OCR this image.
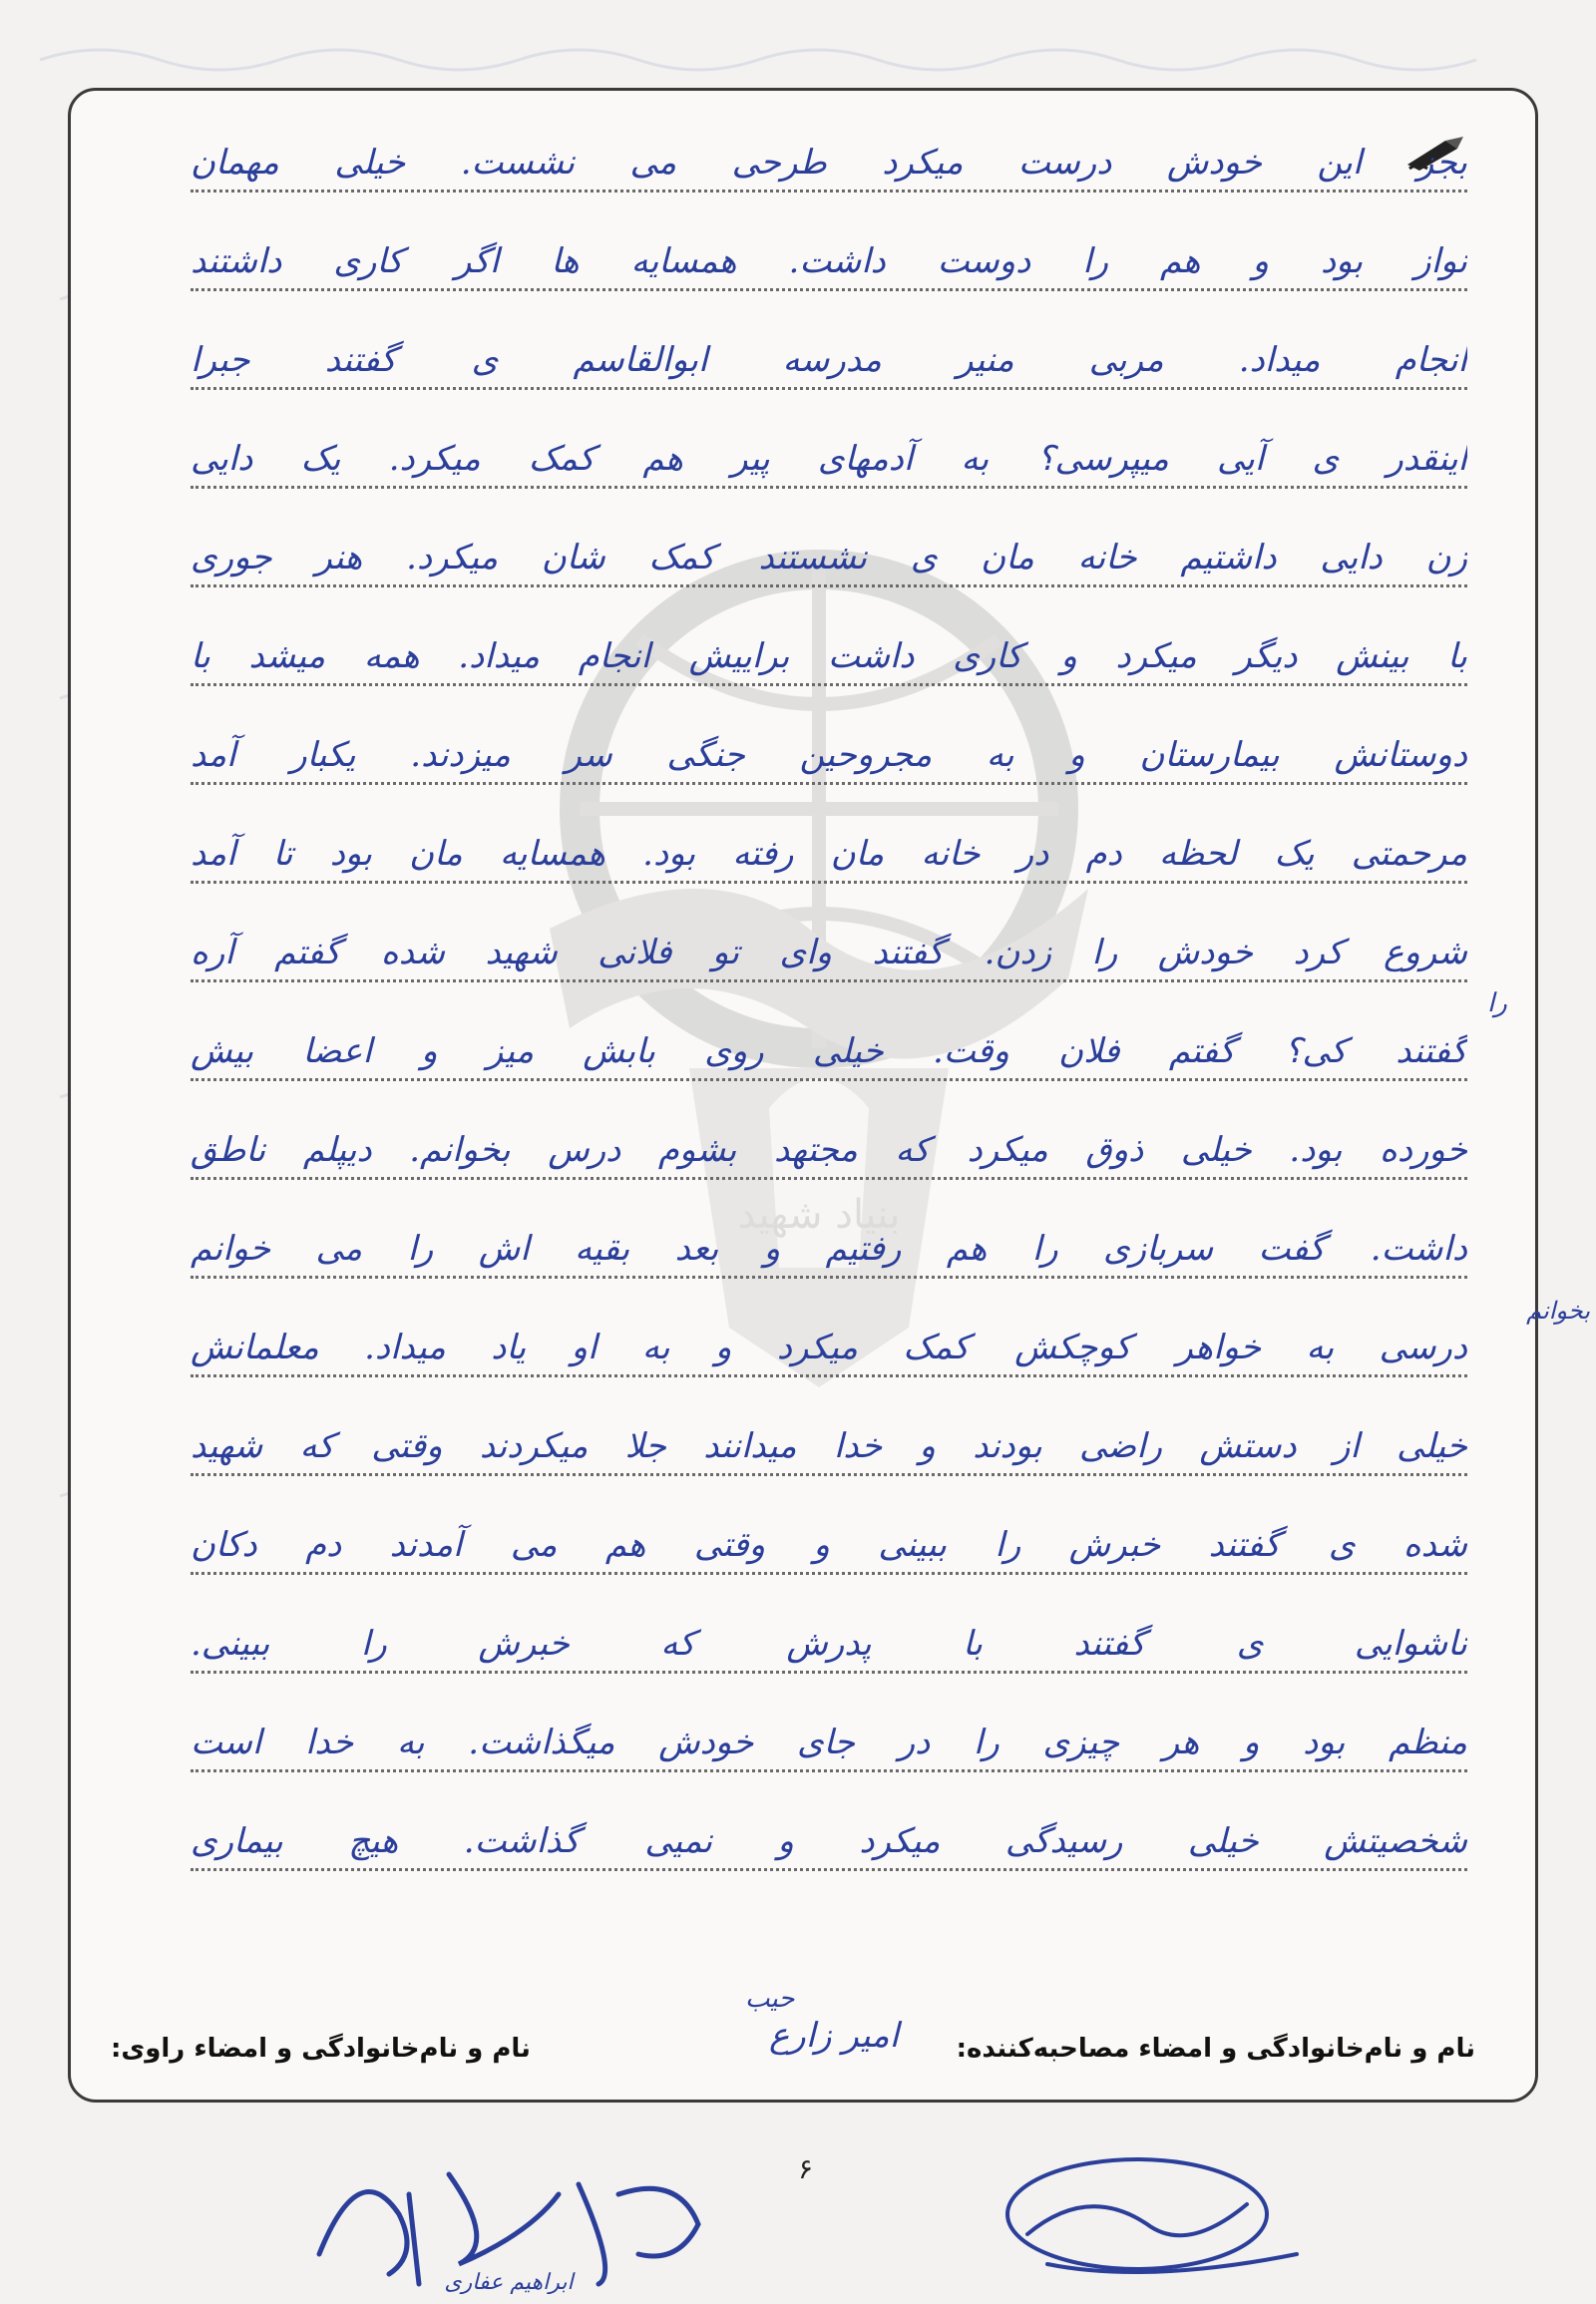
بنیاد شهید
بجز این خودش درست میکرد طرحی می نشست. خیلی مهمان
نواز بود و هم را دوست داشت. همسایه ها اگر کاری داشتند
انجام میداد. مربی منیر مدرسه ابوالقاسم ی گفتند جبرا
اینقدر ی آیی میپرسی؟ به آدمهای پیر هم کمک میکرد. یک دایی
زن دایی داشتیم خانه مان ی نشستند کمک شان میکرد. هنر جوری
با بینش دیگر میکرد و کاری داشت براییش انجام میداد. همه میشد با
دوستانش بیمارستان و به مجروحین جنگی سر میزدند. یکبار آمد
مرحمتی یک لحظه دم در خانه مان رفته بود. همسایه مان بود تا آمد
شروع کرد خودش را زدن. گفتند وای تو فلانی شهید شده گفتم آره
گفتند کی؟ گفتم فلان وقت. خیلی روی بابش میز و اعضا بیش
خورده بود. خیلی ذوق میکرد که مجتهد بشوم درس بخوانم. دیپلم ناطق
داشت. گفت سربازی را هم رفتیم و بعد بقیه اش را می خوانم
درسی به خواهر کوچکش کمک میکرد و به او یاد میداد. معلمانش
خیلی از دستش راضی بودند و خدا میدانند جلا میکردند وقتی که شهید
شده ی گفتند خبرش را ببینی و وقتی هم می آمدند دم دکان
ناشوایی ی گفتند با پدرش که خبرش را ببینی.
منظم بود و هر چیزی را در جای خودش میگذاشت. به خدا است
شخصیتش خیلی رسیدگی میکرد و نمیی گذاشت. هیچ بیماری
را
حیب
نام و نام‌خانوادگی و امضاء مصاحبه‌کننده:
امیر زارع
نام و نام‌خانوادگی و امضاء راوی:
بخوانم
۶
ابراهیم عفاری
